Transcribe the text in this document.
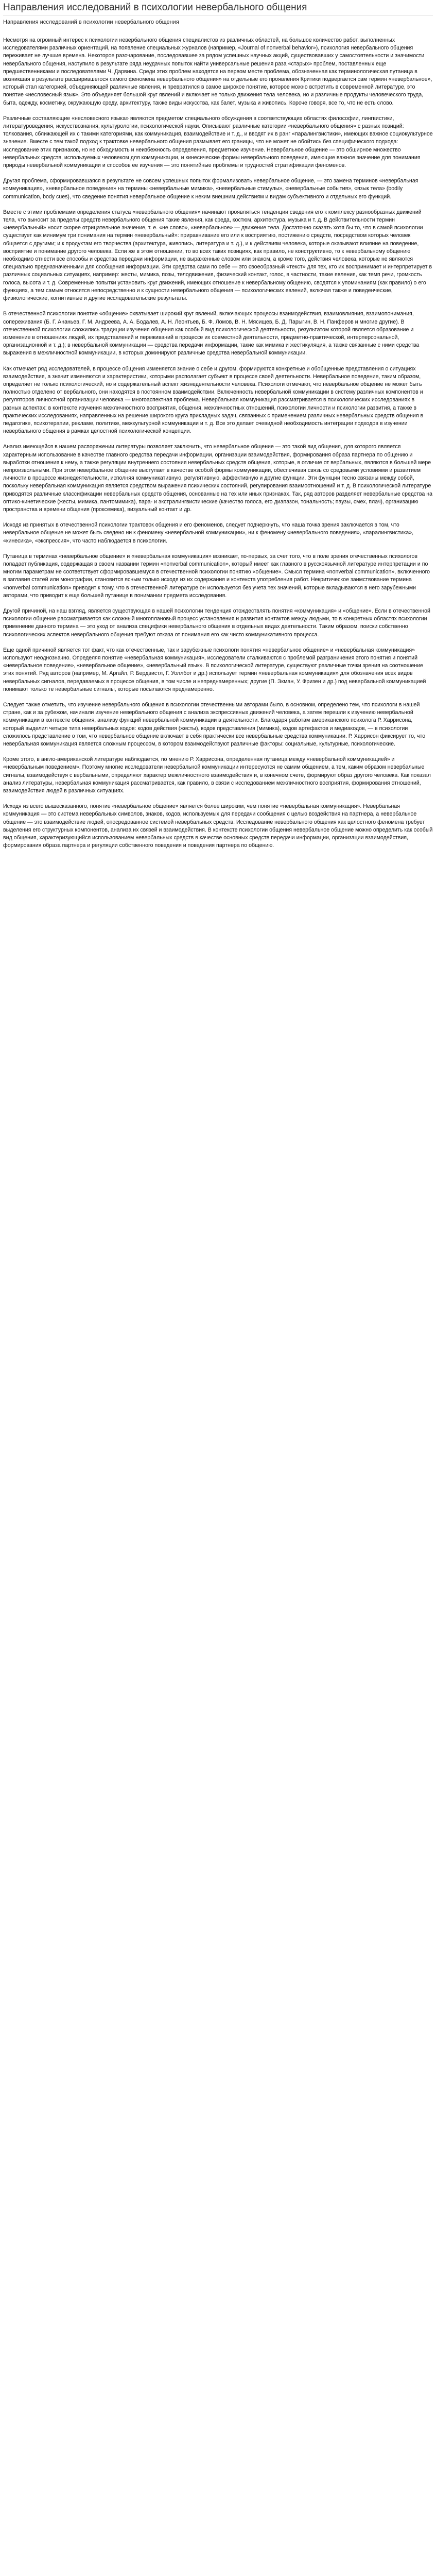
Направления исследований в психологии невербального общения
Направления исследований в психологии невербального общения

Несмотря на огромный интерес к психологии невербального общения специалистов из различных областей, на большое количество работ, выполненных исследователями различных ориентаций, на появление специальных журналов (например, «Journal of nonverbal behavior»), психология невербального общения переживает не лучшие времена. Некоторое разочарование, последовавшее за рядом успешных научных акций, существовавших у самостоятельности и значимости невербального общения, наступило в результате ряда неудачных попыток найти универсальные решения раза «старых» проблем, поставленных еще предшественниками и последователями Ч. Дарвина. Среди этих проблем находятся на первом месте проблема, обозначенная как терминологическая путаница в возникшая в результате расширившегося самого феномена невербального общения» на отдельные его проявления Критики подвергается сам термин «невербальное», который стал категорией, объединяющей различные явления, и превратился в самое широкое понятие, которое можно встретить в современной литературе, это понятие «несловесный язык». Это объединяет большой круг явлений и включает не только движения тела человека, но и различные продукты человеческого труда, быта, одежду, косметику, окружающую среду, архитектуру, также виды искусства, как балет, музыка и живопись. Короче говоря, все то, что не есть слово.

Различные составляющие «несловесного языка» являются предметом специального обсуждения в соответствующих областях философии, лингвистики, литературоведения, искусствознания, культурологии, психологической науки. Описывают различные категории «невербального общения» с разных позиций: толкования, сближающей их с такими категориями, как коммуникация, взаимодействие и т. д., и вводят их в ранг «паралингвистики», имеющих важное социокультурное значение. Вместе с тем такой подход к трактовке невербального общения размывает его границы, что не может не обойтись без специфического подхода: исследование этих признаков, но не обходимость и неизбежность определения, предметное изучение. Невербальное общение — это обширное множество невербальных средств, используемых человеком для коммуникации, и кинесические формы невербального поведения, имеющие важное значение для понимания природы невербальной коммуникации и способов ее изучения — это понятийные проблемы и трудностей стратификации феноменов.

Другая проблема, сформировавшаяся в результате не совсем успешных попыток формализовать невербальное общение, — это замена терминов «невербальная коммуникация», «невербальное поведение» на термины «невербальные мимика», «невербальные стимулы», «невербальные события», «язык тела» (bodily communication, body cues), что сведение понятия невербальное общение к неким внешним действиям и видам субъективного и отдельных его функций.

Вместе с этими проблемами определения статуса «невербального общения» начинают проявляться тенденции сведения его к комплексу разнообразных движений тела, что выносит за пределы средств невербального общения такие явления, как среда, костюм, архитектура, музыка и т. д. В действительности термин «невербальный» носит скорее отрицательное значение, т. е. «не слово», «невербальное» — движение тела. Достаточно сказать хотя бы то, что в самой психологии существует как минимум три понимания на термин «невербальный»: приравнивание его или к восприятию, постижению средств, посредством которых человек общается с другими; и к продуктам его творчества (архитектура, живопись, литература и т. д.), и к действиям человека, которые оказывают влияние на поведение, восприятие и понимание другого человека. Если же в этом отношении, то во всех таких позициях, как правило, не конструктивно, то к невербальному общению необходимо отнести все способы и средства передачи информации, не выраженные словом или знаком, а кроме того, действия человека, которые не являются специально предназначенными для сообщения информации. Эти средства сами по себе — это своеобразный «текст» для тех, кто их воспринимает и интерпретирует в различных социальных ситуациях, например: жесты, мимика, позы, телодвижения, физический контакт, голос, в частности, такие явления, как темп речи, громкость голоса, высота и т. д. Современные попытки установить круг движений, имеющих отношение к невербальному общению, сводятся к упоминаниям (как правило) о его функциях, а тем самым относятся непосредственно и к сущности невербального общения — психологических явлений, включая также и поведенческие, физиологические, когнитивные и другие исследовательские результаты.

В отечественной психологии понятие «общение» охватывает широкий круг явлений, включающих процессы взаимодействия, взаимовлияния, взаимопонимания, сопереживания (Б. Г. Ананьев, Г. М. Андреева, А. А. Бодалев, А. Н. Леонтьев, Б. Ф. Ломов, В. Н. Мясищев, Б. Д. Парыгин, В. Н. Панферов и многие другие). В отечественной психологии сложились традиции изучения общения как особый вид психологической деятельности, результатом которой является образование и изменение в отношениях людей, их представлений и переживаний в процессе их совместной деятельности, предметно-практической, интерперсональной, организационной и т. д.); в невербальной коммуникации — средства передачи информации, такие как мимика и жестикуляция, а также связанные с ними средства выражения в межличностной коммуникации, в которых доминируют различные средства невербальной коммуникации.

Как отмечает ряд исследователей, в процессе общения изменяется знание о себе и другом, формируются конкретные и обобщенные представления о ситуациях взаимодействия, а значит изменяются и характеристики, которыми располагает субъект в процессе своей деятельности. Невербальное поведение, таким образом, определяет не только психологический, но и содержательный аспект жизнедеятельности человека. Психологи отмечают, что невербальное общение не может быть полностью отделено от вербального, они находятся в постоянном взаимодействии. Включенность невербальной коммуникации в систему различных компонентов и регуляторов личностной организации человека — многоаспектная проблема. Невербальная коммуникация рассматривается в психологических исследованиях в разных аспектах: в контексте изучения межличностного восприятия, общения, межличностных отношений, психологии личности и психологии развития, а также в практических исследованиях, направленных на решение широкого круга прикладных задач, связанных с применением различных невербальных средств общения в педагогике, психотерапии, рекламе, политике, межкультурной коммуникации и т. д. Все это делает очевидной необходимость интеграции подходов в изучении невербального общения в рамках целостной психологической концепции.

Анализ имеющейся в нашем распоряжении литературы позволяет заключить, что невербальное общение — это такой вид общения, для которого является характерным использование в качестве главного средства передачи информации, организации взаимодействия, формирования образа партнера по общению и выработки отношения к нему, а также регуляции внутреннего состояния невербальных средств общения, которые, в отличие от вербальных, являются в большей мере непроизвольными. При этом невербальное общение выступает в качестве особой формы коммуникации, обеспечивая связь со средовыми условиями и развитием личности в процессе жизнедеятельности, исполняя коммуникативную, регулятивную, аффективную и другие функции. Эти функции тесно связаны между собой, поскольку невербальная коммуникация является средством выражения психических состояний, регулирования взаимоотношений и т. д. В психологической литературе приводятся различные классификации невербальных средств общения, основанные на тех или иных признаках. Так, ряд авторов разделяет невербальные средства на оптико-кинетические (жесты, мимика, пантомимика), пара- и экстралингвистические (качество голоса, его диапазон, тональность; паузы, смех, плач), организацию пространства и времени общения (проксемика), визуальный контакт и др.

Исходя из принятых в отечественной психологии трактовок общения и его феноменов, следует подчеркнуть, что наша точка зрения заключается в том, что невербальное общение не может быть сведено ни к феномену «невербальной коммуникации», ни к феномену «невербального поведения», «паралингвистика», «кинесика», «экспрессия», что часто наблюдается в психологии.

Путаница в терминах «невербальное общение» и «невербальная коммуникация» возникает, по-первых, за счет того, что в поле зрения отечественных психологов попадает публикация, содержащая в своем названии термин «nonverbal communication», который имеет как главного в русскоязычной литературе интерпретации и по многим параметрам не соответствует сформировавшемуся в отечественной психологии понятию «общение». Смысл термина «nonverbal communication», включенного в заглавия статей или монографии, становится ясным только исходя из их содержания и контекста употребления работ. Некритическое заимствование термина «nonverbal communication» приводит к тому, что в отечественной литературе он используется без учета тех значений, которые вкладываются в него зарубежными авторами, что приводит к еще большей путанице в понимании предмета исследования.

Другой причиной, на наш взгляд, является существующая в нашей психологии тенденция отождествлять понятия «коммуникация» и «общение». Если в отечественной психологии общение рассматривается как сложный многоплановый процесс установления и развития контактов между людьми, то в конкретных областях психологии применение данного термина — это уход от анализа специфики невербального общения в отдельных видах деятельности. Таким образом, поиски собственно психологических аспектов невербального общения требуют отказа от понимания его как чисто коммуникативного процесса.

Еще одной причиной является тот факт, что как отечественные, так и зарубежные психологи понятия «невербальное общение» и «невербальная коммуникация» используют неоднозначно. Определяя понятие «невербальная коммуникация», исследователи сталкиваются с проблемой разграничения этого понятия и понятий «невербальное поведение», «невербальное общение», «невербальный язык». В психологической литературе, существуют различные точки зрения на соотношение этих понятий. Ряд авторов (например, М. Аргайл, Р. Бердвистл, Г. Уоллбот и др.) использует термин «невербальная коммуникация» для обозначения всех видов невербальных сигналов, передаваемых в процессе общения, в том числе и непреднамеренных; другие (П. Экман, У. Фризен и др.) под невербальной коммуникацией понимают только те невербальные сигналы, которые посылаются преднамеренно.

Следует также отметить, что изучение невербального общения в психологии отечественными авторами было, в основном, определено тем, что психологи в нашей стране, как и за рубежом, начинали изучение невербального общения с анализа экспрессивных движений человека, а затем перешли к изучению невербальной коммуникации в контексте общения, анализу функций невербальной коммуникации в деятельности. Благодаря работам американского психолога Р. Харрисона, который выделил четыре типа невербальных кодов: кодов действия (жесты), кодов представления (мимика), кодов артефактов и медиакодов, — в психологии сложилось представление о том, что невербальное общение включает в себя практически все невербальные средства коммуникации. Р. Харрисон фиксирует то, что невербальная коммуникация является сложным процессом, в котором взаимодействуют различные факторы: социальные, культурные, психологические.

Кроме этого, в англо-американской литературе наблюдается, по мнению Р. Харрисона, определенная путаница между «невербальной коммуникацией» и «невербальным поведением». Поэтому многие исследователи невербальной коммуникации интересуются не самим общением, а тем, каким образом невербальные сигналы, взаимодействуя с вербальными, определяют характер межличностного взаимодействия и, в конечном счете, формируют образ другого человека. Как показал анализ литературы, невербальная коммуникация рассматривается, как правило, в связи с исследованием межличностного восприятия, формирования отношений, взаимодействия людей в различных ситуациях.

Исходя из всего вышесказанного, понятие «невербальное общение» является более широким, чем понятие «невербальная коммуникация». Невербальная коммуникация — это система невербальных символов, знаков, кодов, используемых для передачи сообщения с целью воздействия на партнера, а невербальное общение — это взаимодействие людей, опосредованное системой невербальных средств. Исследование невербального общения как целостного феномена требует выделения его структурных компонентов, анализа их связей и взаимодействия. В контексте психологии общения невербальное общение можно определить как особый вид общения, характеризующийся использованием невербальных средств в качестве основных средств передачи информации, организации взаимодействия, формирования образа партнера и регуляции собственного поведения и поведения партнера по общению.
